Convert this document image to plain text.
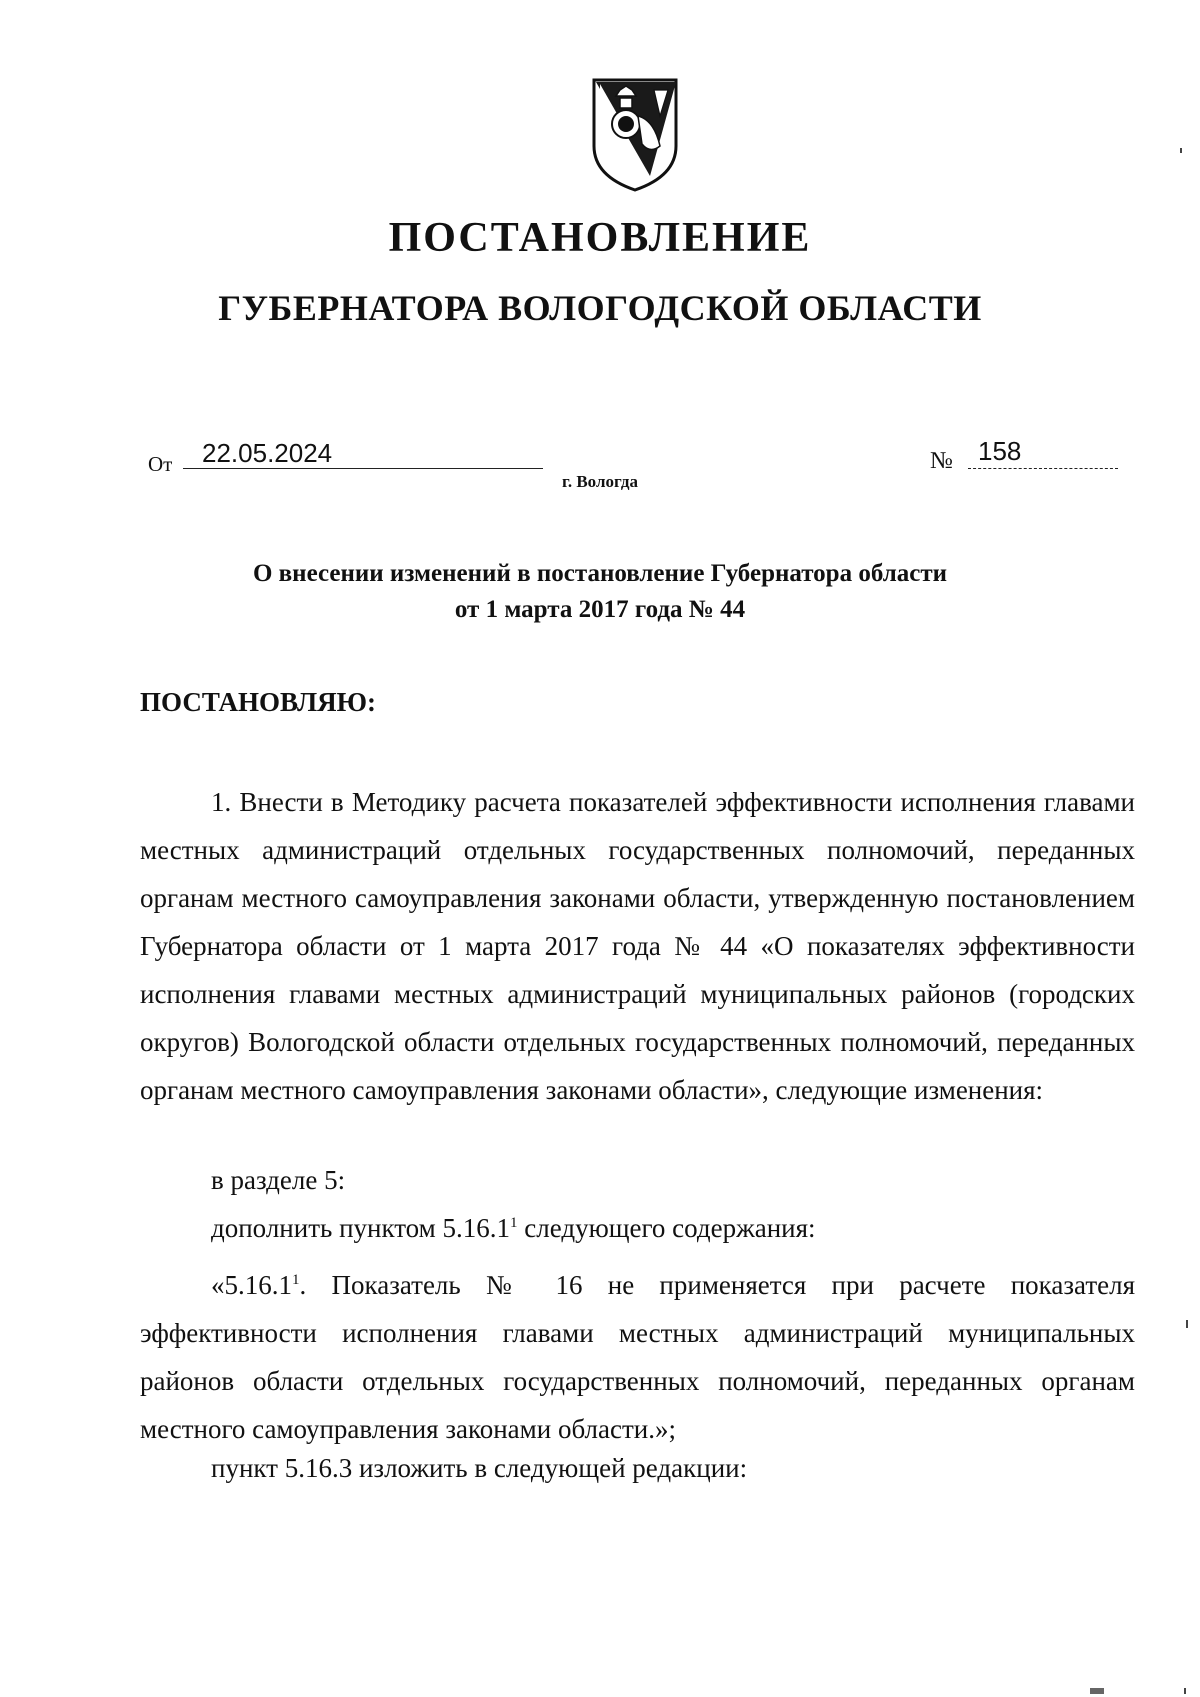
ПОСТАНОВЛЕНИЕ
ГУБЕРНАТОРА ВОЛОГОДСКОЙ ОБЛАСТИ
От 22.05.2024	№ 158
г. Вологда

О внесении изменений в постановление Губернатора области

от 1 марта 2017 года № 44

ПОСТАНОВЛЯЮ:

1. Внести в Методику расчета показателей эффективности исполнения главами местных администраций отдельных государственных полномочий, переданных органам местного самоуправления законами области, утвержденную постановлением Губернатора области от 1 марта 2017 года № 44 «О показателях эффективности исполнения главами местных администраций муниципальных районов (городских округов) Вологодской области отдельных государственных полномочий, переданных органам местного самоуправления законами области», следующие изменения:

в разделе 5:

дополнить пунктом 5.16.1$^1$ следующего содержания:

«5.16.1$^1$. Показатель № 16 не применяется при расчете показателя эффективности исполнения главами местных администраций муниципальных районов области отдельных государственных полномочий, переданных органам местного самоуправления законами области.»;

пункт 5.16.3 изложить в следующей редакции:
